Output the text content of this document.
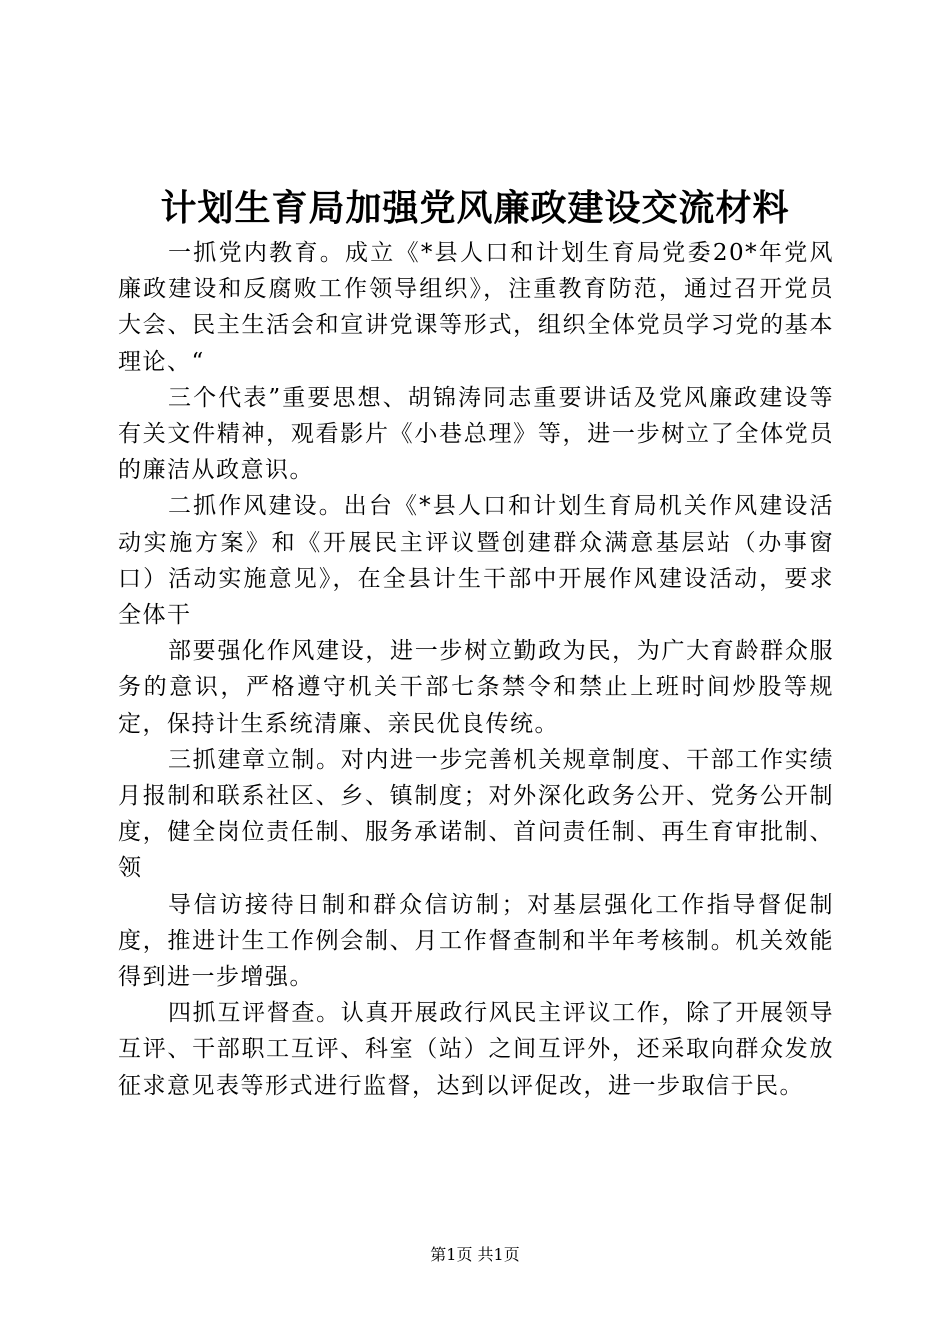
计划生育局加强党风廉政建设交流材料

一抓党内教育。成立《*县人口和计划生育局党委20*年党风廉政建设和反腐败工作领导组织》，注重教育防范，通过召开党员大会、民主生活会和宣讲党课等形式，组织全体党员学习党的基本理论、“

三个代表”重要思想、胡锦涛同志重要讲话及党风廉政建设等有关文件精神，观看影片《小巷总理》等，进一步树立了全体党员的廉洁从政意识。

二抓作风建设。出台《*县人口和计划生育局机关作风建设活动实施方案》和《开展民主评议暨创建群众满意基层站（办事窗口）活动实施意见》，在全县计生干部中开展作风建设活动，要求全体干

部要强化作风建设，进一步树立勤政为民，为广大育龄群众服务的意识，严格遵守机关干部七条禁令和禁止上班时间炒股等规定，保持计生系统清廉、亲民优良传统。

三抓建章立制。对内进一步完善机关规章制度、干部工作实绩月报制和联系社区、乡、镇制度；对外深化政务公开、党务公开制度，健全岗位责任制、服务承诺制、首问责任制、再生育审批制、领

导信访接待日制和群众信访制；对基层强化工作指导督促制度，推进计生工作例会制、月工作督查制和半年考核制。机关效能得到进一步增强。

四抓互评督查。认真开展政行风民主评议工作，除了开展领导互评、干部职工互评、科室（站）之间互评外，还采取向群众发放征求意见表等形式进行监督，达到以评促改，进一步取信于民。

第1页 共1页
